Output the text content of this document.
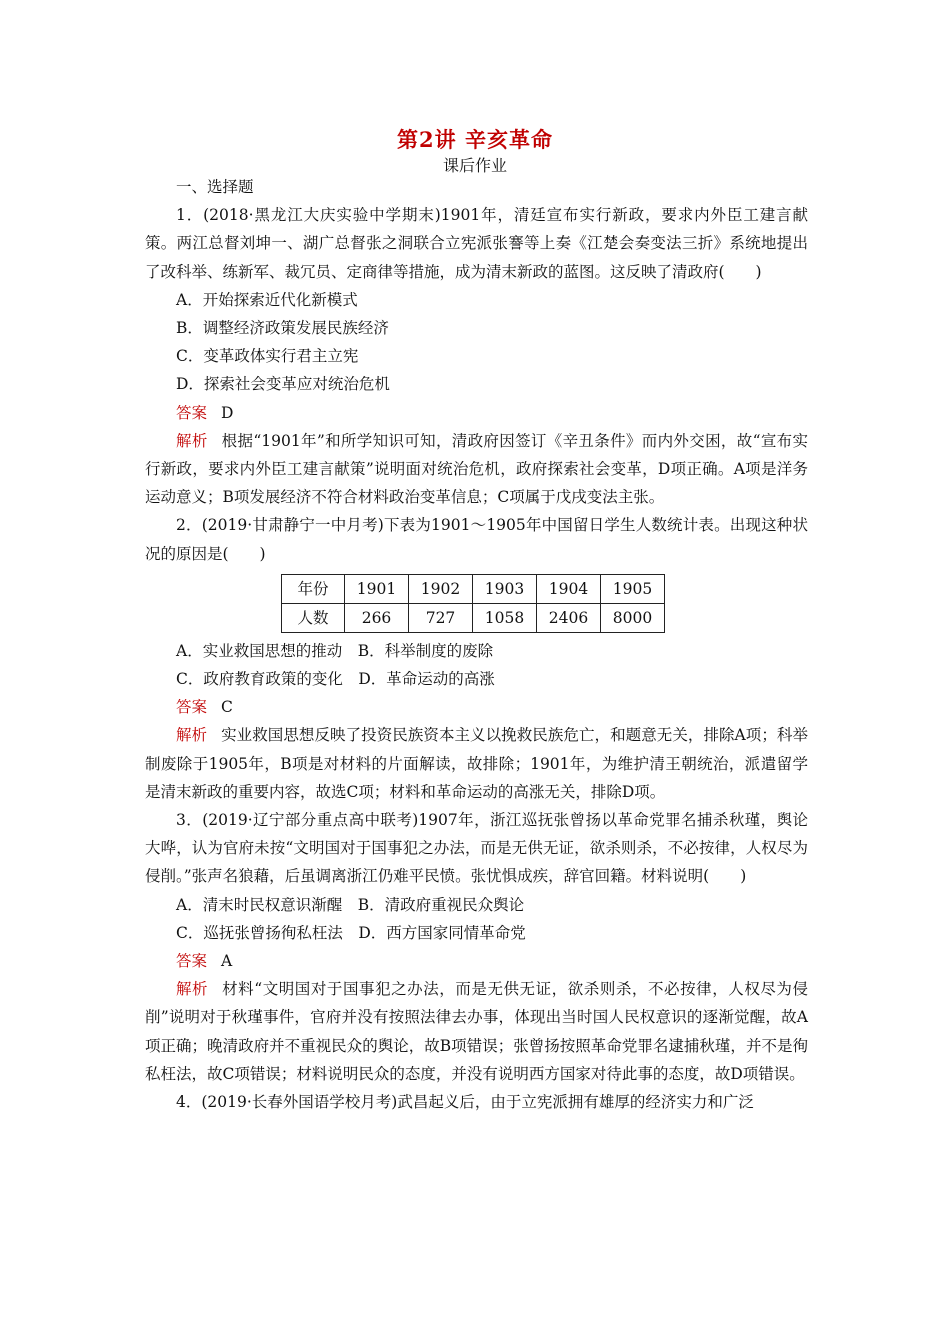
第2讲 辛亥革命
课后作业

一、选择题

1．(2018·黑龙江大庆实验中学期末)1901年，清廷宣布实行新政，要求内外臣工建言献策。两江总督刘坤一、湖广总督张之洞联合立宪派张謇等上奏《江楚会奏变法三折》系统地提出了改科举、练新军、裁冗员、定商律等措施，成为清末新政的蓝图。这反映了清政府(　　)

A．开始探索近代化新模式

B．调整经济政策发展民族经济

C．变革政体实行君主立宪

D．探索社会变革应对统治危机

答案 D

解析 根据“1901年”和所学知识可知，清政府因签订《辛丑条件》而内外交困，故“宣布实行新政，要求内外臣工建言献策”说明面对统治危机，政府探索社会变革，D项正确。A项是洋务运动意义；B项发展经济不符合材料政治变革信息；C项属于戊戌变法主张。

2．(2019·甘肃静宁一中月考)下表为1901～1905年中国留日学生人数统计表。出现这种状况的原因是(　　)

年份	1901	1902	1903	1904	1905
人数	266	727	1058	2406	8000

A．实业救国思想的推动　B．科举制度的废除

C．政府教育政策的变化　D．革命运动的高涨

答案 C

解析 实业救国思想反映了投资民族资本主义以挽救民族危亡，和题意无关，排除A项；科举制废除于1905年，B项是对材料的片面解读，故排除；1901年，为维护清王朝统治，派遣留学是清末新政的重要内容，故选C项；材料和革命运动的高涨无关，排除D项。

3．(2019·辽宁部分重点高中联考)1907年，浙江巡抚张曾扬以革命党罪名捕杀秋瑾，舆论大哗，认为官府未按“文明国对于国事犯之办法，而是无供无证，欲杀则杀，不必按律，人权尽为侵削。”张声名狼藉，后虽调离浙江仍难平民愤。张忧惧成疾，辞官回籍。材料说明(　　)

A．清末时民权意识渐醒　B．清政府重视民众舆论

C．巡抚张曾扬徇私枉法　D．西方国家同情革命党

答案 A

解析 材料“文明国对于国事犯之办法，而是无供无证，欲杀则杀，不必按律，人权尽为侵削”说明对于秋瑾事件，官府并没有按照法律去办事，体现出当时国人民权意识的逐渐觉醒，故A项正确；晚清政府并不重视民众的舆论，故B项错误；张曾扬按照革命党罪名逮捕秋瑾，并不是徇私枉法，故C项错误；材料说明民众的态度，并没有说明西方国家对待此事的态度，故D项错误。

4．(2019·长春外国语学校月考)武昌起义后，由于立宪派拥有雄厚的经济实力和广泛
